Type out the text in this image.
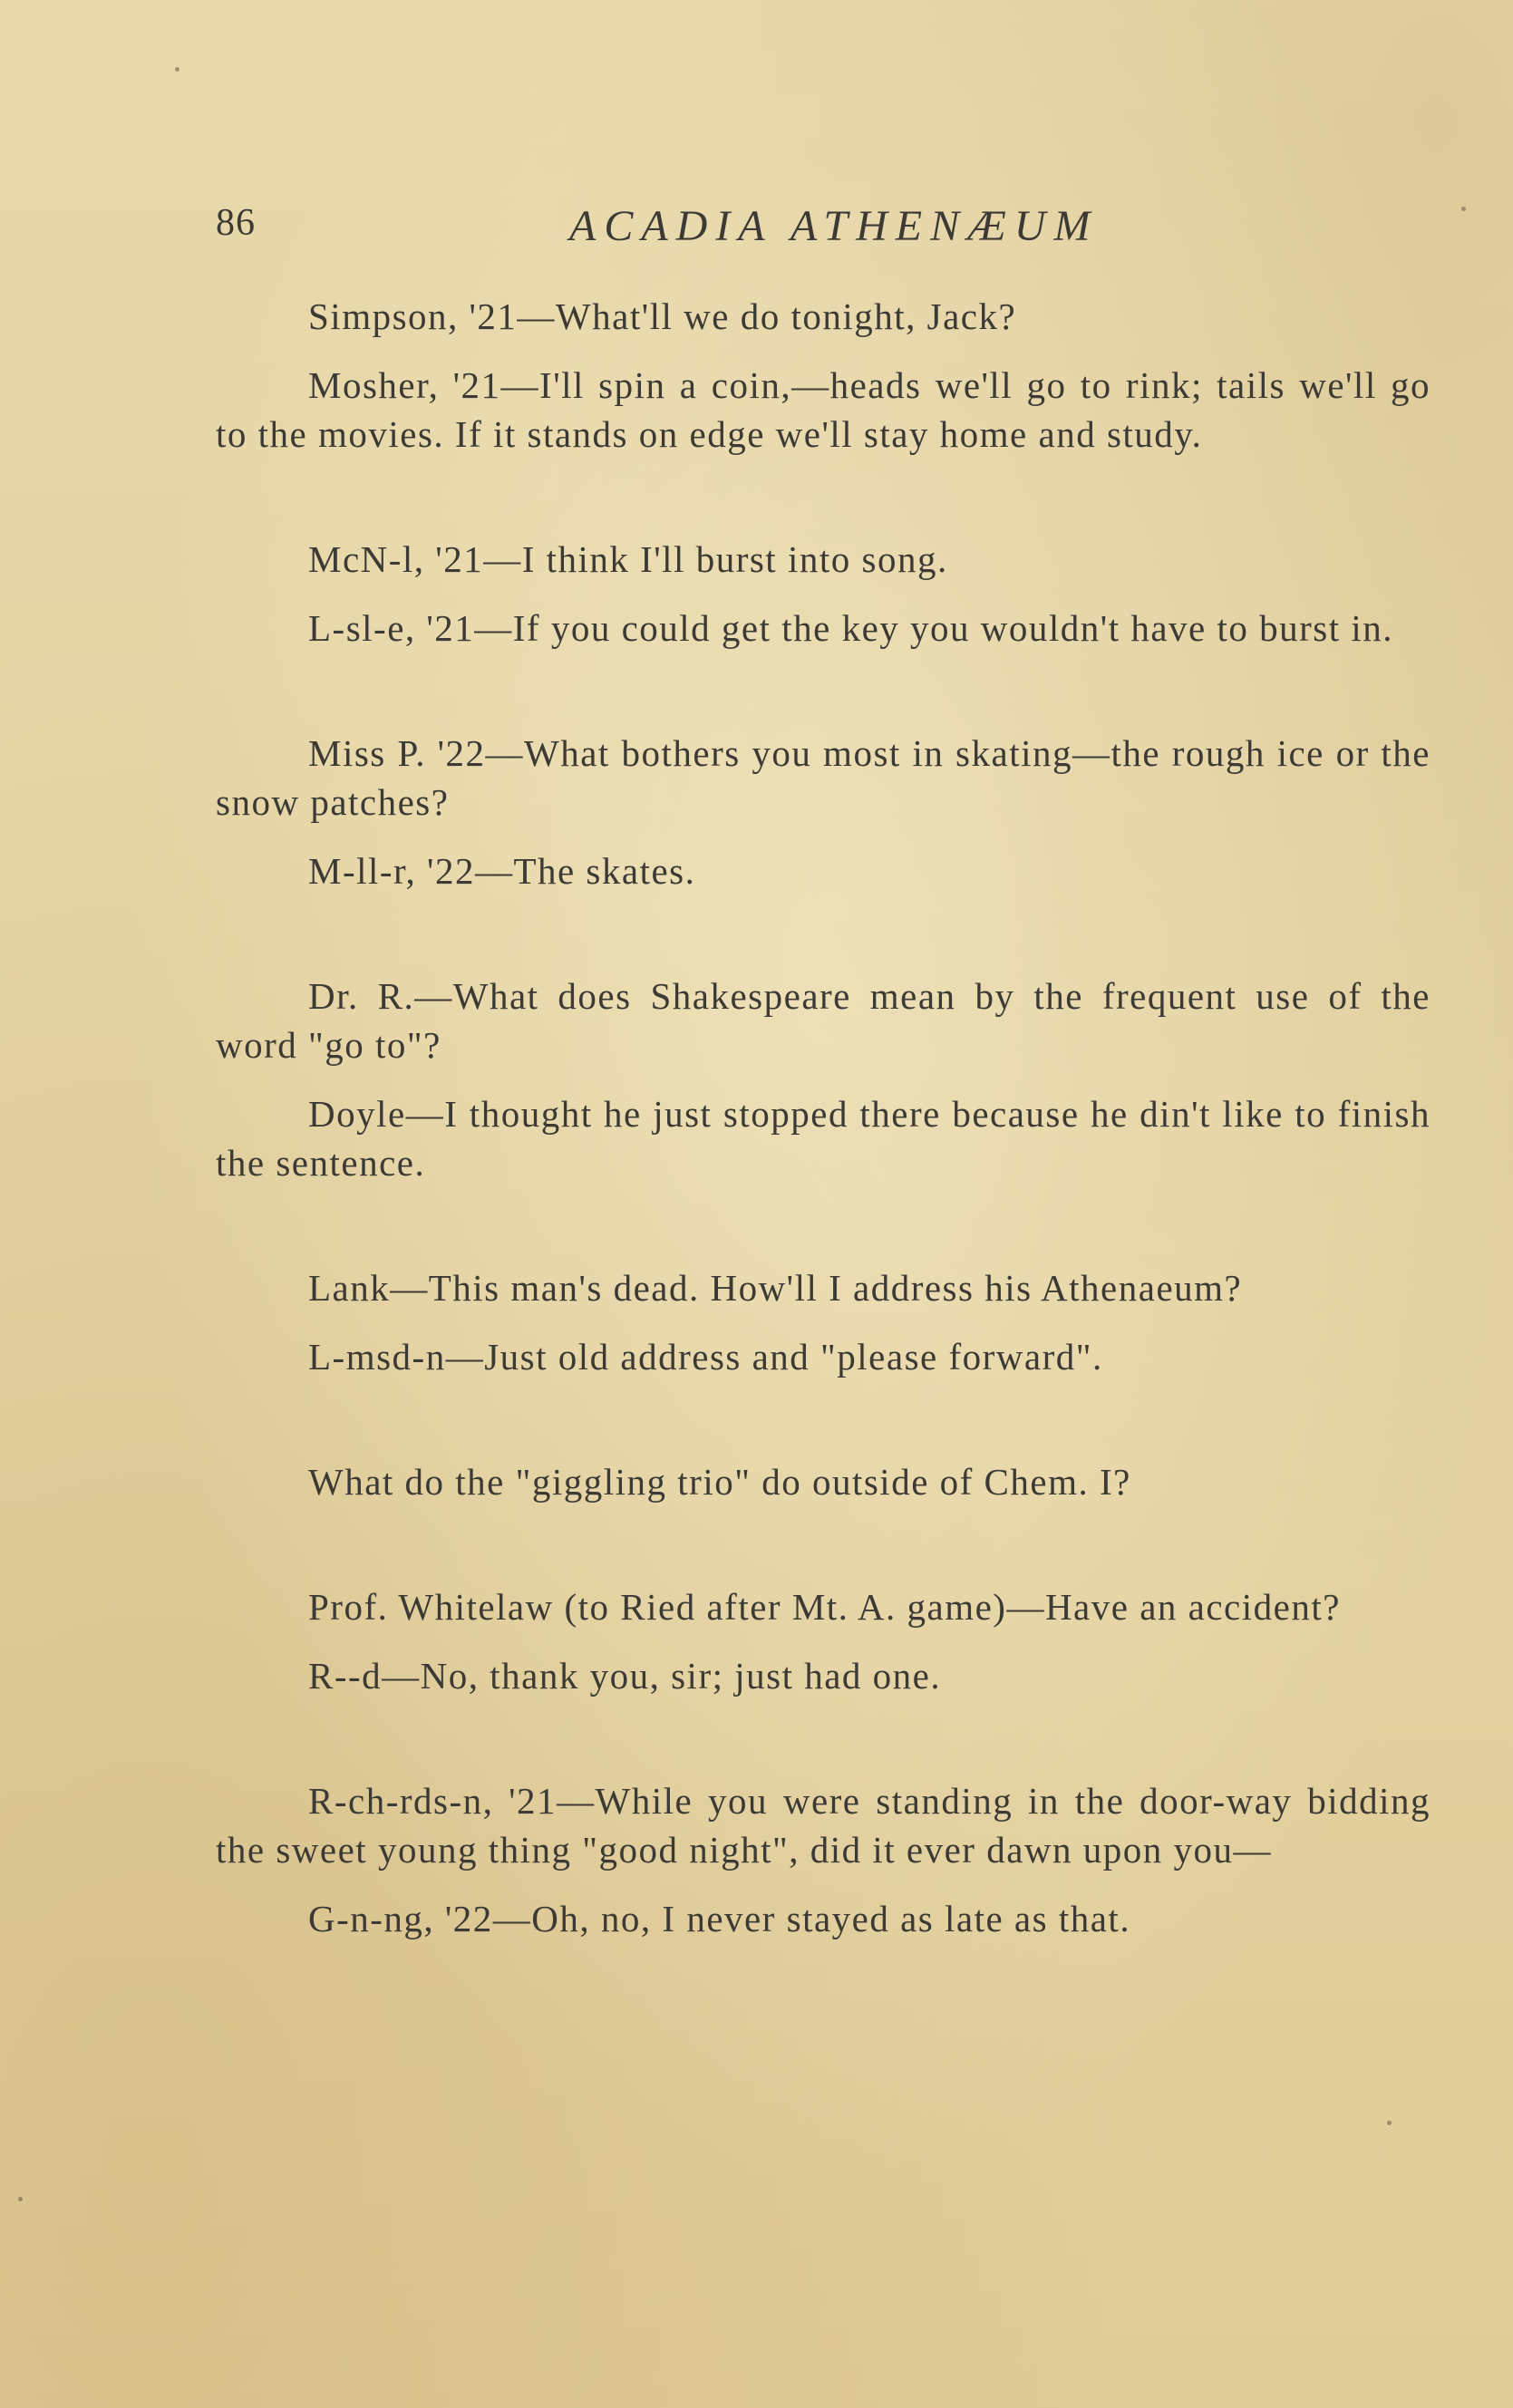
86	ACADIA ATHENÆUM

Simpson, '21—What'll we do tonight, Jack?

Mosher, '21—I'll spin a coin,—heads we'll go to rink; tails we'll go to the movies. If it stands on edge we'll stay home and study.

McN-l, '21—I think I'll burst into song.

L-sl-e, '21—If you could get the key you wouldn't have to burst in.

Miss P. '22—What bothers you most in skating—the rough ice or the snow patches?

M-ll-r, '22—The skates.

Dr. R.—What does Shakespeare mean by the frequent use of the word "go to"?

Doyle—I thought he just stopped there because he din't like to finish the sentence.

Lank—This man's dead. How'll I address his Athenaeum?

L-msd-n—Just old address and "please forward".

What do the "giggling trio" do outside of Chem. I?

Prof. Whitelaw (to Ried after Mt. A. game)—Have an accident?

R--d—No, thank you, sir; just had one.

R-ch-rds-n, '21—While you were standing in the door-way bidding the sweet young thing "good night", did it ever dawn upon you—

G-n-ng, '22—Oh, no, I never stayed as late as that.
